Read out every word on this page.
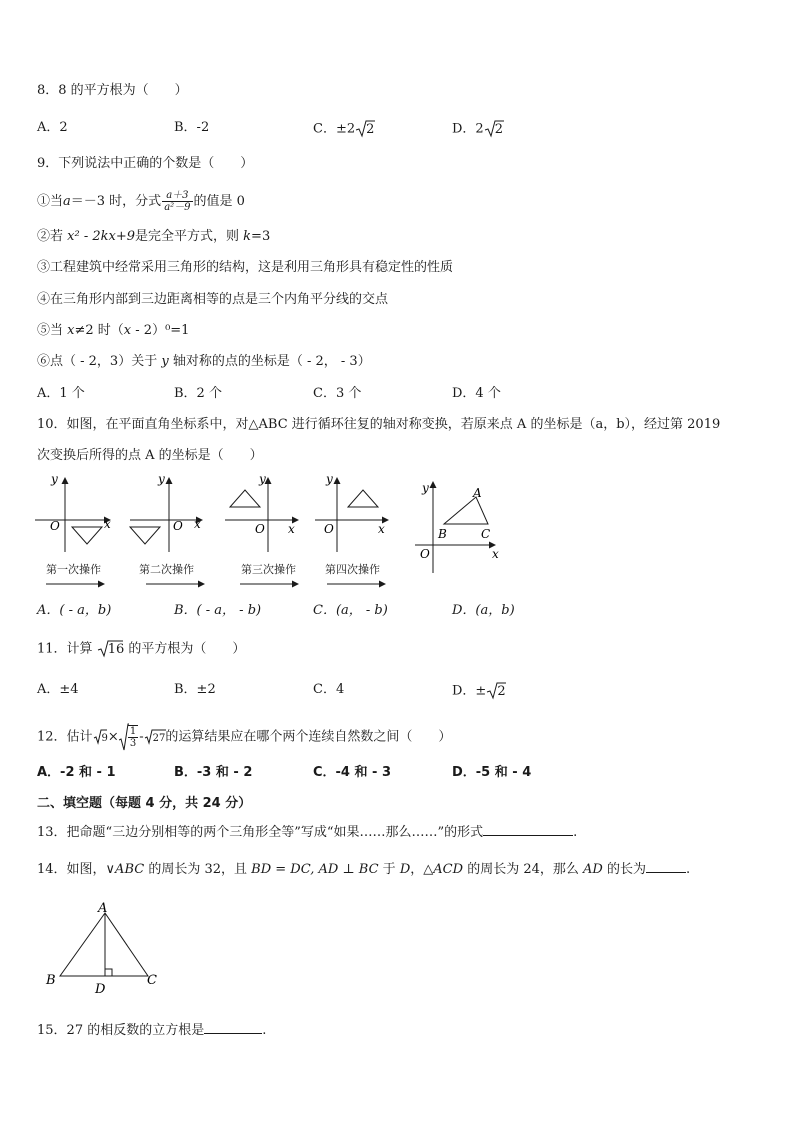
8．8 的平方根为（　　）
A．2	B．-2	C．±2 2	D．2 2
9．下列说法中正确的个数是（　　）
①当a＝－3 时，分式 $\frac{a+3}{\text{a²－9}}$ 的值是 0
②若 x² - 2kx+9是完全平方式，则 k=3
③工程建筑中经常采用三角形的结构，这是利用三角形具有稳定性的性质
④在三角形内部到三边距离相等的点是三个内角平分线的交点
⑤当 x≠2 时（x - 2）⁰=1
⑥点（ - 2，3）关于 y 轴对称的点的坐标是（ - 2， - 3）
A．1 个	B．2 个	C．3 个	D．4 个
10．如图，在平面直角坐标系中，对△ABC 进行循环往复的轴对称变换，若原来点 A 的坐标是（a，b），经过第 2019
次变换后所得的点 A 的坐标是（　　）
y
O	x
y
O x
y
O x
y
O	x
y	A
B	C
O	x
第一次操作	第二次操作	第三次操作	第四次操作
A．( - a，b)	B．( - a， - b)	C．(a， - b)	D．(a，b)
11．计算 16 的平方根为（　　）
A．±4	B．±2	C．4	D．± 2
12．估计 $9\times \frac{1}{3} - 27$的运算结果应在哪个两个连续自然数之间（　　）
A．-2 和 - 1	B．-3 和 - 2	C．-4 和 - 3	D．-5 和 - 4
二、填空题（每题 4 分，共 24 分）
13．把命题“三边分别相等的两个三角形全等”写成“如果……那么……”的形式	.
14．如图，∨ABC 的周长为 32，且 BD = DC, AD ⊥ BC 于 D，△ACD 的周长为 24，那么 AD 的长为	.
A
B	C
D
15．27 的相反数的立方根是	.
